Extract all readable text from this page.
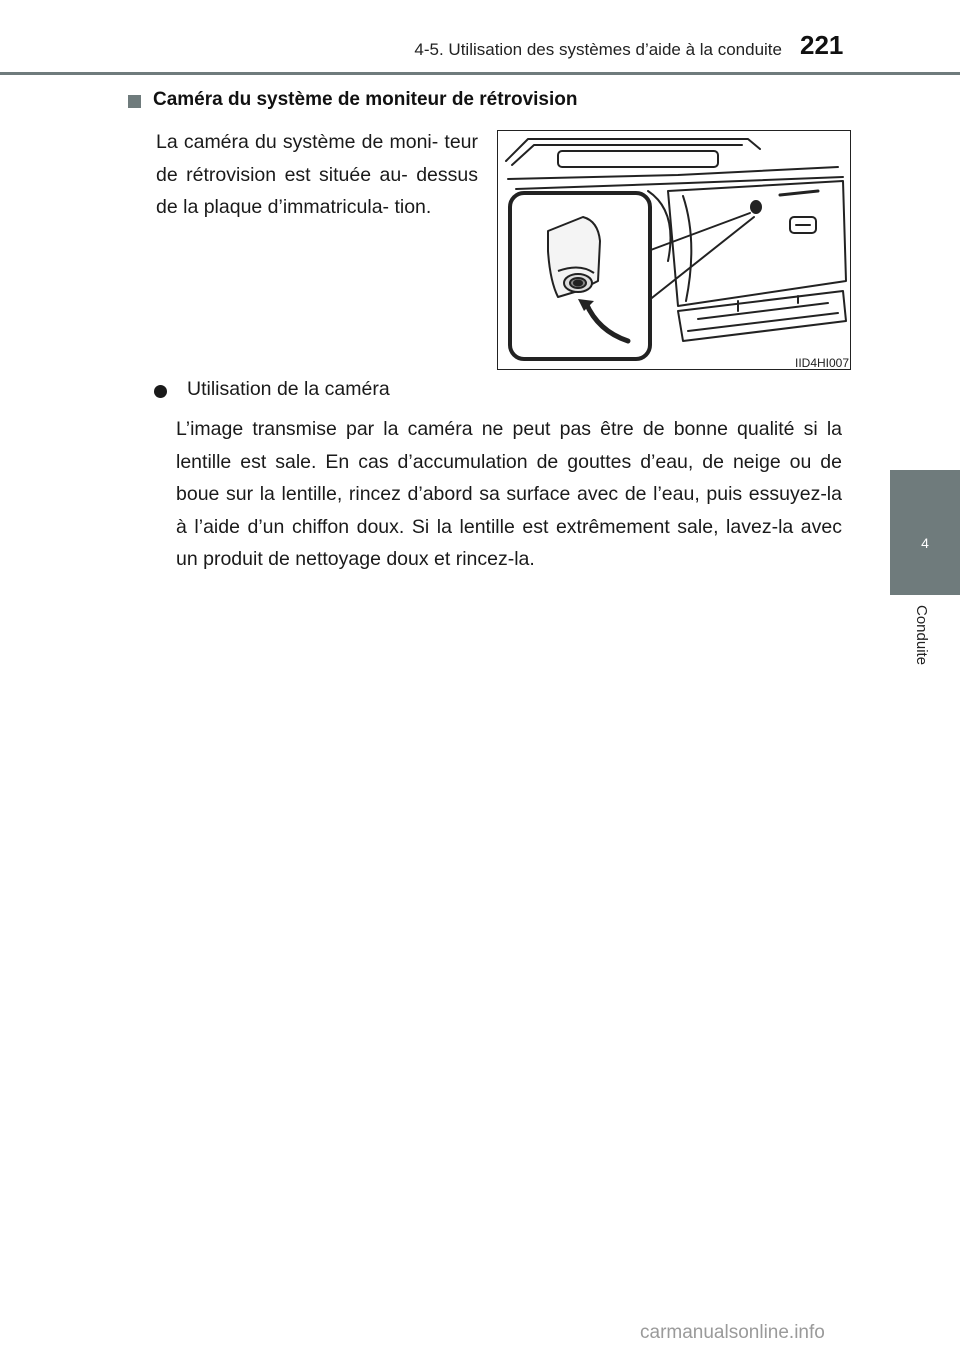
4-5. Utilisation des systèmes d’aide à la conduite 221
4
Conduite
Caméra du système de moniteur de rétrovision
La caméra du système de moni- teur de rétrovision est située au- dessus de la plaque d’immatricula- tion.
IID4HI007
Utilisation de la caméra
L’image transmise par la caméra ne peut pas être de bonne qualité si la lentille est sale. En cas d’accumulation de gouttes d’eau, de neige ou de boue sur la lentille, rincez d’abord sa surface avec de l’eau, puis essuyez-la à l’aide d’un chiffon doux. Si la lentille est extrêmement sale, lavez-la avec un produit de nettoyage doux et rincez-la.
carmanualsonline.info
